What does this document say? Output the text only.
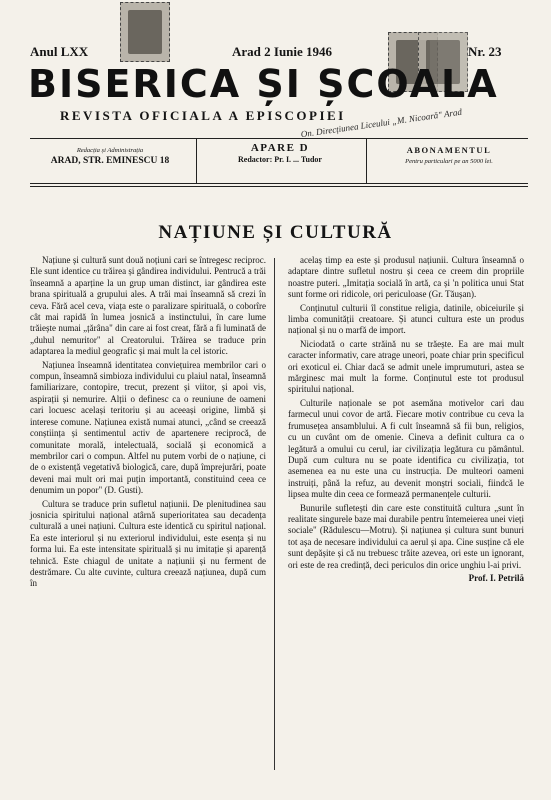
Anul LXX	Arad 2 Iunie 1946	Nr. 23
BISERICA ȘI ȘCOALA
REVISTA OFICIALA A EPISCOPIEI
On. Direcțiunea Liceului „M. Nicoară" Arad
Redacția și Administrația
ARAD, STR. EMINESCU 18
APARE D
Redactor: Pr. I. ... Tudor
ABONAMENTUL
Pentru particulari pe an 5000 lei.
NAȚIUNE ȘI CULTURĂ

Națiune și cultură sunt două noțiuni cari se întregesc reciproc. Ele sunt identice cu trăirea și gândirea individului. Pentrucă a trăi înseamnă a aparține la un grup uman distinct, iar gândirea este brana spirituală a grupului ales. A trăi mai înseamnă să crezi în ceva. Fără acel ceva, viața este o paralizare spirituală, o coborîre cât mai rapidă în lumea josnică a instinctului, în care lume trăiește numai „țărâna" din care ai fost creat, fără a fi luminată de „duhul nemuritor" al Creatorului. Trăirea se traduce prin adaptarea la mediul geografic și mai mult la cel istoric.

Națiunea înseamnă identitatea conviețuirea membrilor cari o compun, înseamnă simbioza individului cu plaiul natal, înseamnă familiarizare, contopire, trecut, prezent și viitor, și apoi vis, aspirații și nemurire. Alții o definesc ca o reuniune de oameni cari locuesc același teritoriu și au aceeași origine, limbă și interese comune. Națiunea există numai atunci, „când se creează conștiința și sentimentul activ de apartenere reciprocă, de comunitate morală, intelectuală, socială și economică a membrilor cari o compun. Altfel nu putem vorbi de o națiune, ci de o existență vegetativă biologică, care, după împrejurări, poate deveni mai mult ori mai puțin importantă, constituind ceea ce denumim un popor" (D. Gusti).

Cultura se traduce prin sufletul națiunii. De plenitudinea sau josnicia spiritului național atârnă superioritatea sau decadența culturală a unei națiuni. Cultura este identică cu spiritul național. Ea este interiorul și nu exteriorul individului, este esența și nu forma lui. Ea este intensitate spirituală și nu imitație și aparență tehnică. Este chiagul de unitate a națiunii și nu ferment de destrămare. Cu alte cuvinte, cultura creează națiunea, după cum în

acelaș timp ea este și produsul națiunii. Cultura înseamnă o adaptare dintre sufletul nostru și ceea ce creem din propriile noastre puteri. „Imitația socială în artă, ca și 'n politica unui Stat sunt forme ori ridicole, ori periculoase (Gr. Tăușan).

Conținutul culturii îl constitue religia, datinile, obiceiurile și limba comunității creatoare. Și atunci cultura este un produs național și nu o marfă de import.

Niciodată o carte străină nu se trăește. Ea are mai mult caracter informativ, care atrage uneori, poate chiar prin specificul ori exoticul ei. Chiar dacă se admit unele imprumuturi, astea se mărginesc mai mult la forme. Conținutul este tot produsul spiritului național.

Culturile naționale se pot asemăna motivelor cari dau farmecul unui covor de artă. Fiecare motiv contribue cu ceva la frumusețea ansamblului. A fi cult înseamnă să fii bun, religios, cu un cuvânt om de omenie. Cineva a definit cultura ca o legătură a omului cu cerul, iar civilizația legătura cu pământul. După cum cultura nu se poate identifica cu civilizația, tot asemenea ea nu este una cu instrucția. De multeori oameni instruiți, până la refuz, au devenit monștri sociali, fiindcă le lipsea multe din ceea ce formează permanențele culturii.

Bunurile sufletești din care este constituită cultura „sunt în realitate singurele baze mai durabile pentru întemeierea unei vieți sociale" (Rădulescu—Motru). Și națiunea și cultura sunt bunuri tot așa de necesare individului ca aerul și apa. Cine susține că ele sunt depășite și că nu trebuesc trăite azevea, ori este un ignorant, ori este de rea credință, deci periculos din orice unghiu l-ai privi.

Prof. I. Petrilă
